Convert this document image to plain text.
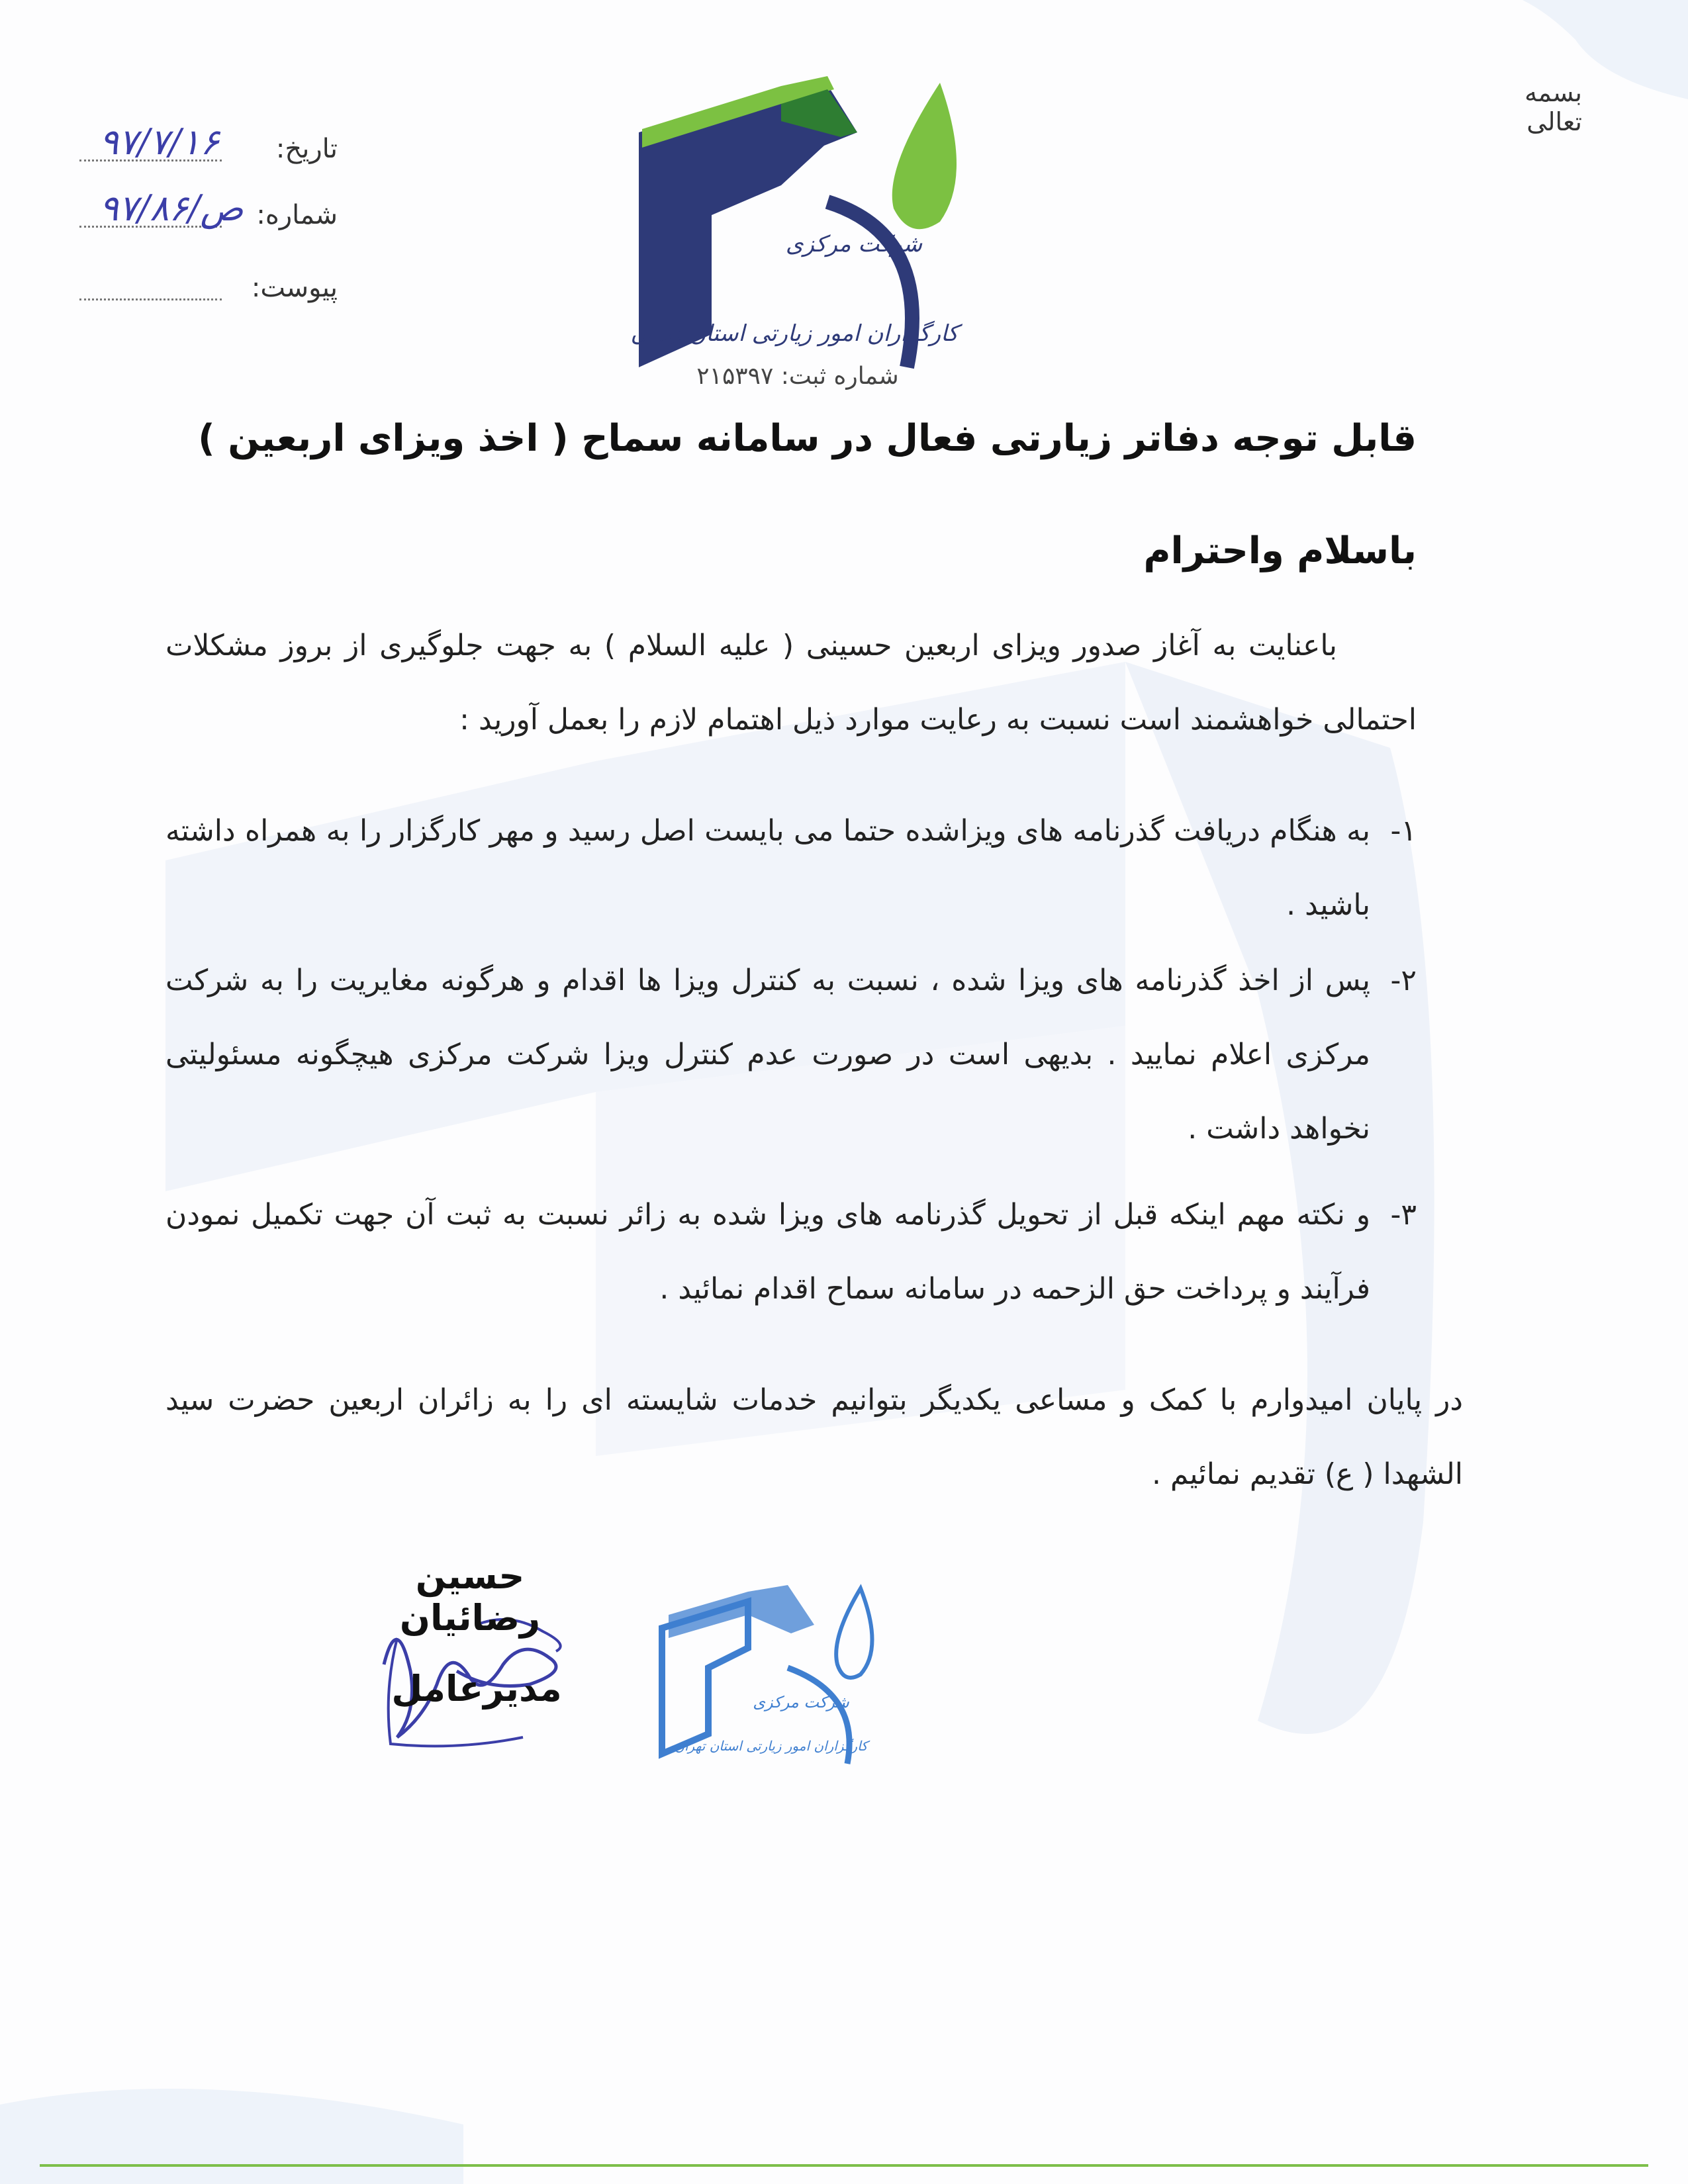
بسمه تعالی
تاریخ:
۹۷/۷/۱۶
شماره:
ص/۹۷/۸۶
پیوست:
شرکت مرکزی
کارگزاران امور زیارتی استان تهران
شماره ثبت: ۲۱۵۳۹۷
قابل توجه دفاتر زیارتی فعال در سامانه سماح ( اخذ ویزای اربعین )
باسلام واحترام
باعنایت به آغاز صدور ویزای اربعین حسینی ( علیه السلام ) به جهت جلوگیری از بروز مشکلات احتمالی خواهشمند است نسبت به رعایت موارد ذیل اهتمام لازم را بعمل آورید :
۱-
به هنگام دریافت گذرنامه های ویزاشده حتما می بایست اصل رسید و مهر کارگزار را به همراه داشته باشید .
۲-
پس از اخذ گذرنامه های ویزا شده ، نسبت به کنترل ویزا ها اقدام و هرگونه مغایریت را به شرکت مرکزی اعلام نمایید . بدیهی است در صورت عدم کنترل ویزا شرکت مرکزی هیچگونه مسئولیتی نخواهد داشت .
۳-
و نکته مهم اینکه قبل از تحویل گذرنامه های ویزا شده به زائر نسبت به ثبت آن جهت تکمیل نمودن فرآیند و پرداخت حق الزحمه در سامانه سماح اقدام نمائید .
در پایان امیدوارم با کمک و مساعی یکدیگر بتوانیم خدمات شایسته ای را به زائران اربعین حضرت سید الشهدا ( ع) تقدیم نمائیم .
حسین رضائیان
مدیرعامل	شرکت مرکزی
کارگزاران امور زیارتی استان تهران
